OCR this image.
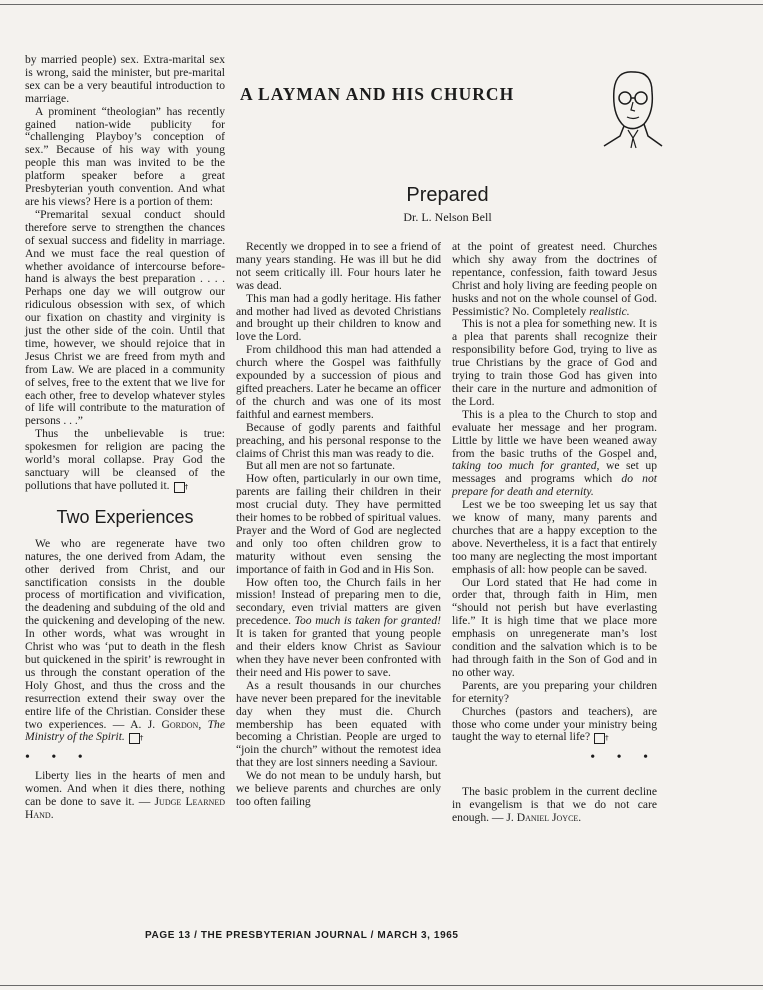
by married people) sex. Extra-marital sex is wrong, said the minister, but pre-marital sex can be a very beautiful introduction to marriage.

A prominent “theologian” has recently gained nation-wide publicity for “challenging Playboy’s conception of sex.” Because of his way with young people this man was invited to be the platform speaker before a great Presbyterian youth convention. And what are his views? Here is a portion of them:

“Premarital sexual conduct should therefore serve to strengthen the chances of sexual success and fidelity in marriage. And we must face the real question of whether avoidance of intercourse before-hand is always the best preparation . . . . Perhaps one day we will outgrow our ridiculous obsession with sex, of which our fixation on chastity and virginity is just the other side of the coin. Until that time, however, we should rejoice that in Jesus Christ we are freed from myth and from Law. We are placed in a community of selves, free to the extent that we live for each other, free to develop whatever styles of life will contribute to the maturation of persons . . .”

Thus the unbelievable is true: spokesmen for religion are pacing the world’s moral collapse. Pray God the sanctuary will be cleansed of the pollutions that have polluted it. †

Two Experiences

We who are regenerate have two natures, the one derived from Adam, the other derived from Christ, and our sanctification consists in the double process of mortification and vivification, the deadening and subduing of the old and the quickening and developing of the new. In other words, what was wrought in Christ who was ‘put to death in the flesh but quickened in the spirit’ is rewrought in us through the constant operation of the Holy Ghost, and thus the cross and the resurrection extend their sway over the entire life of the Christian. Consider these two experiences. — A. J. Gordon, The Ministry of the Spirit. †

• • •

Liberty lies in the hearts of men and women. And when it dies there, nothing can be done to save it. — Judge Learned Hand.

A LAYMAN AND HIS CHURCH
Prepared
Dr. L. Nelson Bell

Recently we dropped in to see a friend of many years standing. He was ill but he did not seem critically ill. Four hours later he was dead.

This man had a godly heritage. His father and mother had lived as devoted Christians and brought up their children to know and love the Lord.

From childhood this man had attended a church where the Gospel was faithfully expounded by a succession of pious and gifted preachers. Later he became an officer of the church and was one of its most faithful and earnest members.

Because of godly parents and faithful preaching, and his personal response to the claims of Christ this man was ready to die.

But all men are not so fartunate.

How often, particularly in our own time, parents are failing their children in their most crucial duty. They have permitted their homes to be robbed of spiritual values. Prayer and the Word of God are neglected and only too often children grow to maturity without even sensing the importance of faith in God and in His Son.

How often too, the Church fails in her mission! Instead of preparing men to die, secondary, even trivial matters are given precedence. Too much is taken for granted! It is taken for granted that young people and their elders know Christ as Saviour when they have never been confronted with their need and His power to save.

As a result thousands in our churches have never been prepared for the inevitable day when they must die. Church membership has been equated with becoming a Christian. People are urged to “join the church” without the remotest idea that they are lost sinners needing a Saviour.

We do not mean to be unduly harsh, but we believe parents and churches are only too often failing

at the point of greatest need. Churches which shy away from the doctrines of repentance, confession, faith toward Jesus Christ and holy living are feeding people on husks and not on the whole counsel of God. Pessimistic? No. Completely realistic.

This is not a plea for something new. It is a plea that parents shall recognize their responsibility before God, trying to live as true Christians by the grace of God and trying to train those God has given into their care in the nurture and admonition of the Lord.

This is a plea to the Church to stop and evaluate her message and her program. Little by little we have been weaned away from the basic truths of the Gospel and, taking too much for granted, we set up messages and programs which do not prepare for death and eternity.

Lest we be too sweeping let us say that we know of many, many parents and churches that are a happy exception to the above. Nevertheless, it is a fact that entirely too many are neglecting the most important emphasis of all: how people can be saved.

Our Lord stated that He had come in order that, through faith in Him, men “should not perish but have everlasting life.” It is high time that we place more emphasis on unregenerate man’s lost condition and the salvation which is to be had through faith in the Son of God and in no other way.

Parents, are you preparing your children for eternity?

Churches (pastors and teachers), are those who come under your ministry being taught the way to eternal life? †

• • •

The basic problem in the current decline in evangelism is that we do not care enough. — J. Daniel Joyce.

PAGE 13 / THE PRESBYTERIAN JOURNAL / MARCH 3, 1965
